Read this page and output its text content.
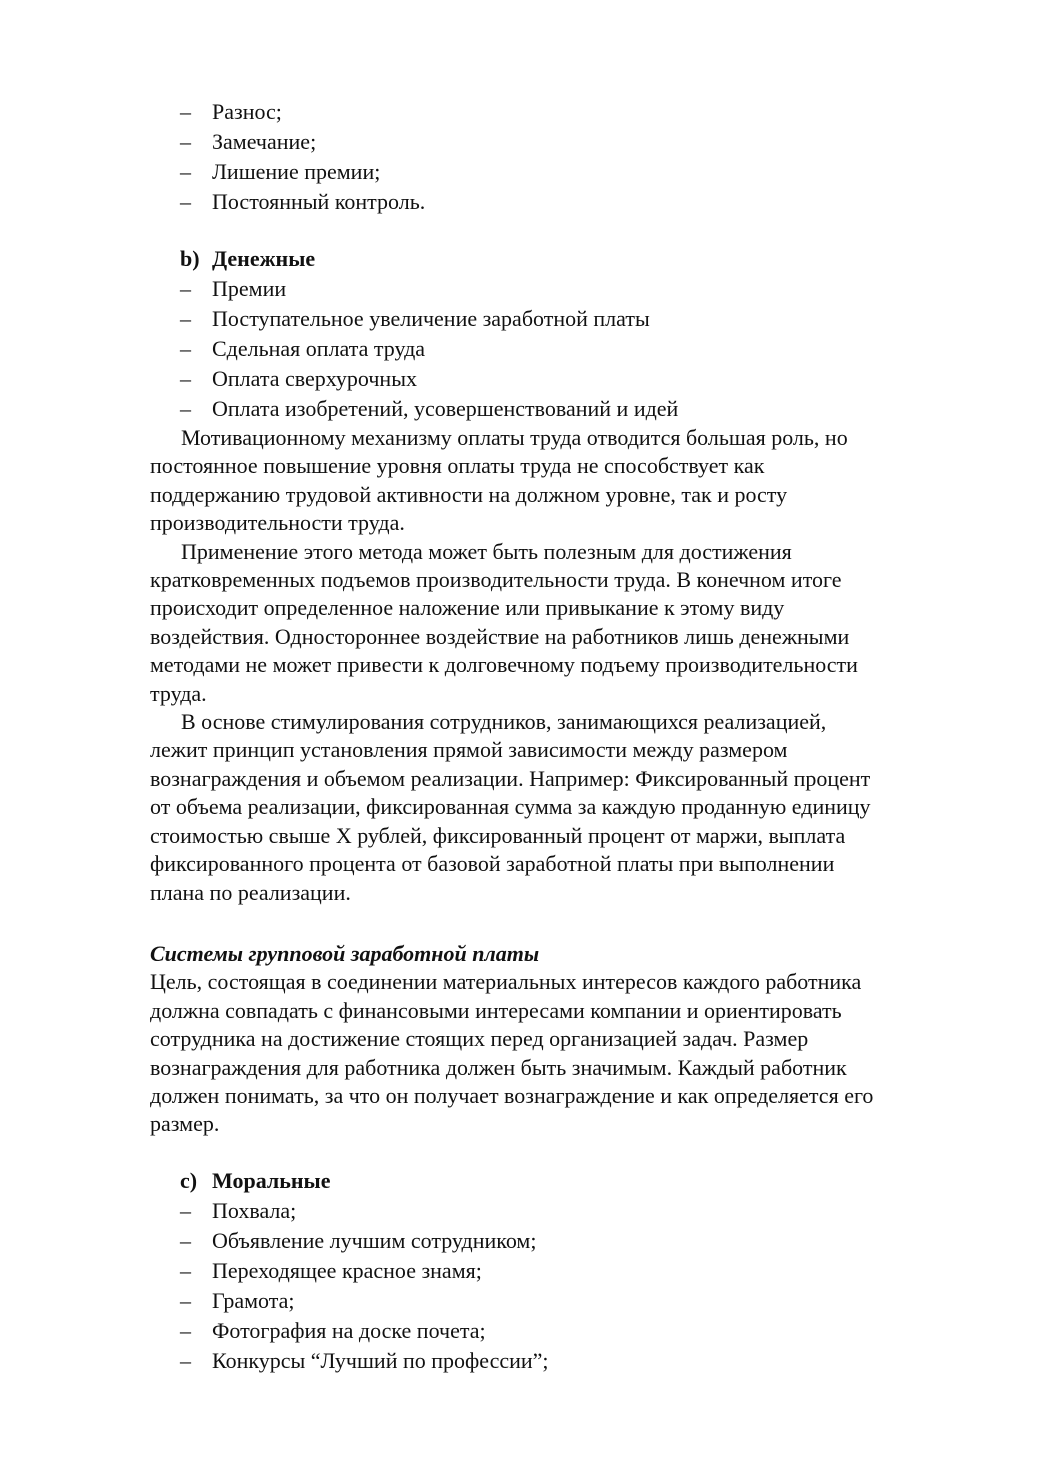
– Разнос;
– Замечание;
– Лишение премии;
– Постоянный контроль.
b) Денежные
– Премии
– Поступательное увеличение заработной платы
– Сдельная оплата труда
– Оплата сверхурочных
– Оплата изобретений, усовершенствований и идей

Мотивационному механизму оплаты труда отводится большая роль, но
постоянное повышение уровня оплаты труда не способствует как
поддержанию трудовой активности на должном уровне, так и росту
производительности труда.

Применение этого метода может быть полезным для достижения
кратковременных подъемов производительности труда. В конечном итоге
происходит определенное наложение или привыкание к этому виду
воздействия. Одностороннее воздействие на работников лишь денежными
методами не может привести к долговечному подъему производительности
труда.

В основе стимулирования сотрудников, занимающихся реализацией,
лежит принцип установления прямой зависимости между размером
вознаграждения и объемом реализации. Например: Фиксированный процент
от объема реализации, фиксированная сумма за каждую проданную единицу
стоимостью свыше X рублей, фиксированный процент от маржи, выплата
фиксированного процента от базовой заработной платы при выполнении
плана по реализации.

Системы групповой заработной платы

Цель, состоящая в соединении материальных интересов каждого работника
должна совпадать с финансовыми интересами компании и ориентировать
сотрудника на достижение стоящих перед организацией задач. Размер
вознаграждения для работника должен быть значимым. Каждый работник
должен понимать, за что он получает вознаграждение и как определяется его
размер.

c) Моральные
– Похвала;
– Объявление лучшим сотрудником;
– Переходящее красное знамя;
– Грамота;
– Фотография на доске почета;
– Конкурсы “Лучший по профессии”;
